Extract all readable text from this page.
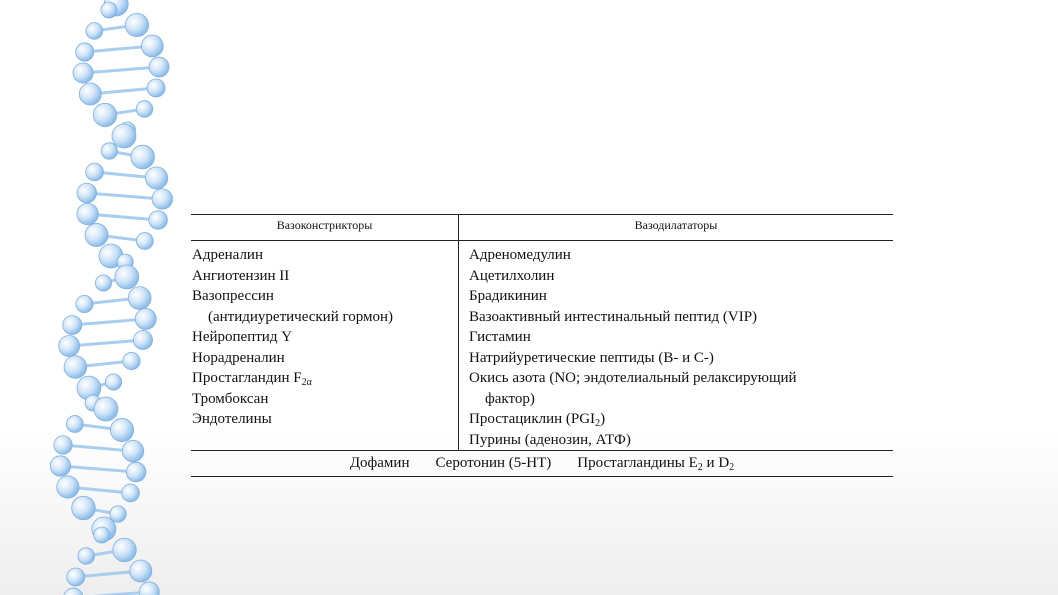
Вазоконстрикторы	Вазодилататоры
Адреналин
Ангиотензин II
Вазопрессин
(антидиуретический гормон)
Нейропептид Y
Норадреналин
Простагландин $F_{2\alpha}$
Тромбоксан
Эндотелины
Адреномедулин
Ацетилхолин
Брадикинин
Вазоактивный интестинальный пептид (VIP)
Гистамин
Натрийуретические пептиды (В- и С-)
Окись азота (NO; эндотелиальный релаксирующий
фактор)
Простациклин $(PGI_2)$
Пурины (аденозин, АТФ)
Дофамин Серотонин (5-НТ) Простагландины $E_2$ и $D_2$
